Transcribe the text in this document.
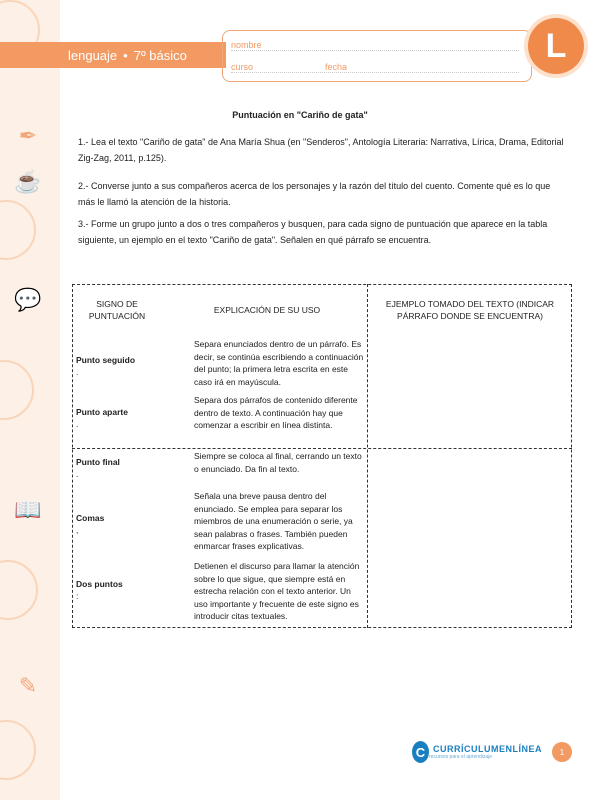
✒
☕
💬
📖
✎
lenguaje • 7º básico
nombre
curso	fecha
L
Puntuación en "Cariño de gata"

1.- Lea el texto "Cariño de gata" de Ana María Shua (en "Senderos", Antología Literaria: Narrativa, Lírica, Drama, Editorial Zig-Zag, 2011, p.125).

2.- Converse junto a sus compañeros acerca de los personajes y la razón del título del cuento. Comente qué es lo que más le llamó la atención de la historia.

3.- Forme un grupo junto a dos o tres compañeros y busquen, para cada signo de puntuación que aparece en la tabla siguiente, un ejemplo en el texto "Cariño de gata". Señalen en qué párrafo se encuentra.

SIGNO DE PUNTUACIÓN
EXPLICACIÓN DE SU USO
EJEMPLO TOMADO DEL TEXTO (INDICAR PÁRRAFO DONDE SE ENCUENTRA)
Punto seguido
.
Separa enunciados dentro de un párrafo. Es decir, se continúa escribiendo a continuación del punto; la primera letra escrita en este caso irá en mayúscula.
Punto aparte
.
Separa dos párrafos de contenido diferente dentro de texto. A continuación hay que comenzar a escribir en línea distinta.
Punto final
.
Siempre se coloca al final, cerrando un texto o enunciado. Da fin al texto.
Comas
,
Señala una breve pausa dentro del enunciado. Se emplea para separar los miembros de una enumeración o serie, ya sean palabras o frases. También pueden enmarcar frases explicativas.
Dos puntos
:
Detienen el discurso para llamar la atención sobre lo que sigue, que siempre está en estrecha relación con el texto anterior. Un uso importante y frecuente de este signo es introducir citas textuales.
C CURRÍCULUMENLÍNEA
recursos para el aprendizaje
1
